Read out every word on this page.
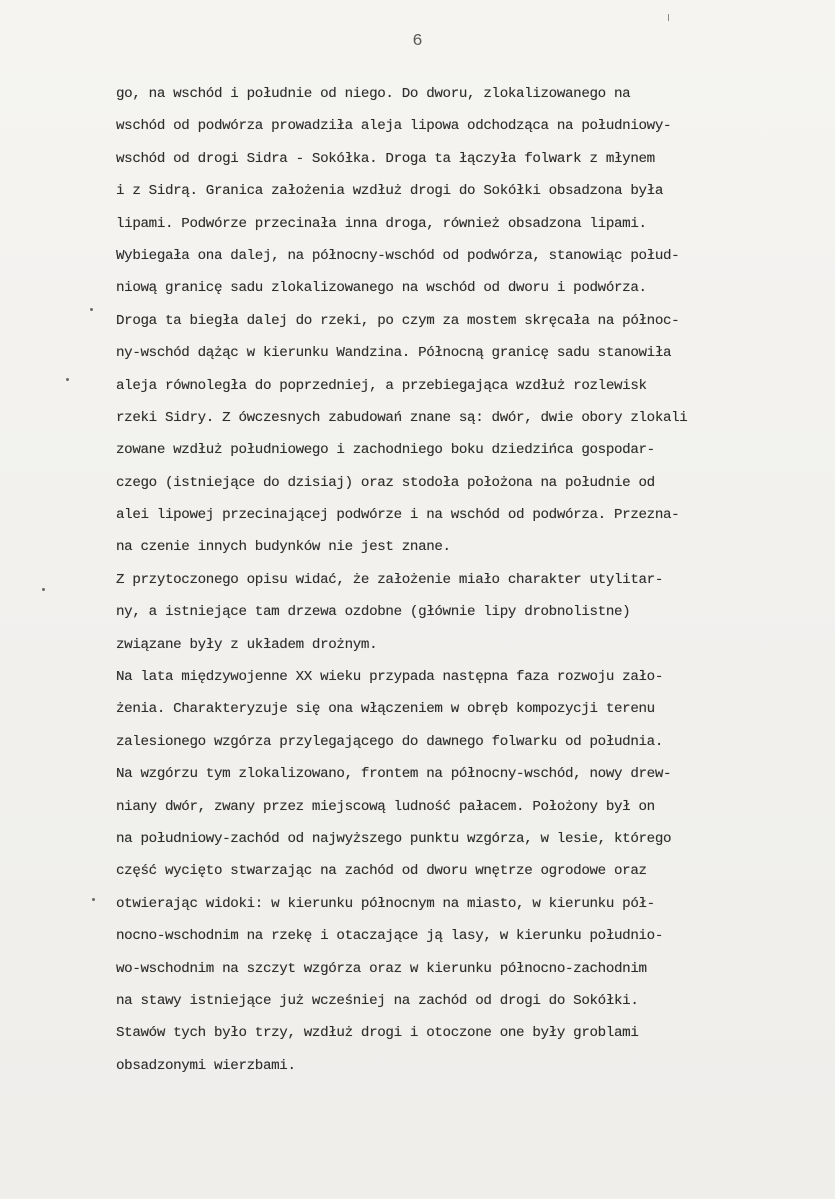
6
go, na wschód i południe od niego. Do dworu, zlokalizowanego na
wschód od podwórza prowadziła aleja lipowa odchodząca na południowy-
wschód od drogi Sidra - Sokółka. Droga ta łączyła folwark z młynem
i z Sidrą. Granica założenia wzdłuż drogi do Sokółki obsadzona była
lipami. Podwórze przecinała inna droga, również obsadzona lipami.
Wybiegała ona dalej, na północny-wschód od podwórza, stanowiąc połud-
niową granicę sadu zlokalizowanego na wschód od dworu i podwórza.
Droga ta biegła dalej do rzeki, po czym za mostem skręcała na północ-
ny-wschód dążąc w kierunku Wandzina. Północną granicę sadu stanowiła
aleja równoległa do poprzedniej, a przebiegająca wzdłuż rozlewisk
rzeki Sidry. Z ówczesnych zabudowań znane są: dwór, dwie obory zlokali
zowane wzdłuż południowego i zachodniego boku dziedzińca gospodar-
czego (istniejące do dzisiaj) oraz stodoła położona na południe od
alei lipowej przecinającej podwórze i na wschód od podwórza. Przezna-
na czenie innych budynków nie jest znane.
Z przytoczonego opisu widać, że założenie miało charakter utylitar-
ny, a istniejące tam drzewa ozdobne (głównie lipy drobnolistne)
związane były z układem drożnym.
Na lata międzywojenne XX wieku przypada następna faza rozwoju zało-
żenia. Charakteryzuje się ona włączeniem w obręb kompozycji terenu
zalesionego wzgórza przylegającego do dawnego folwarku od południa.
Na wzgórzu tym zlokalizowano, frontem na północny-wschód, nowy drew-
niany dwór, zwany przez miejscową ludność pałacem. Położony był on
na południowy-zachód od najwyższego punktu wzgórza, w lesie, którego
część wycięto stwarzając na zachód od dworu wnętrze ogrodowe oraz
otwierając widoki: w kierunku północnym na miasto, w kierunku pół-
nocno-wschodnim na rzekę i otaczające ją lasy, w kierunku południo-
wo-wschodnim na szczyt wzgórza oraz w kierunku północno-zachodnim
na stawy istniejące już wcześniej na zachód od drogi do Sokółki.
Stawów tych było trzy, wzdłuż drogi i otoczone one były groblami
obsadzonymi wierzbami.
